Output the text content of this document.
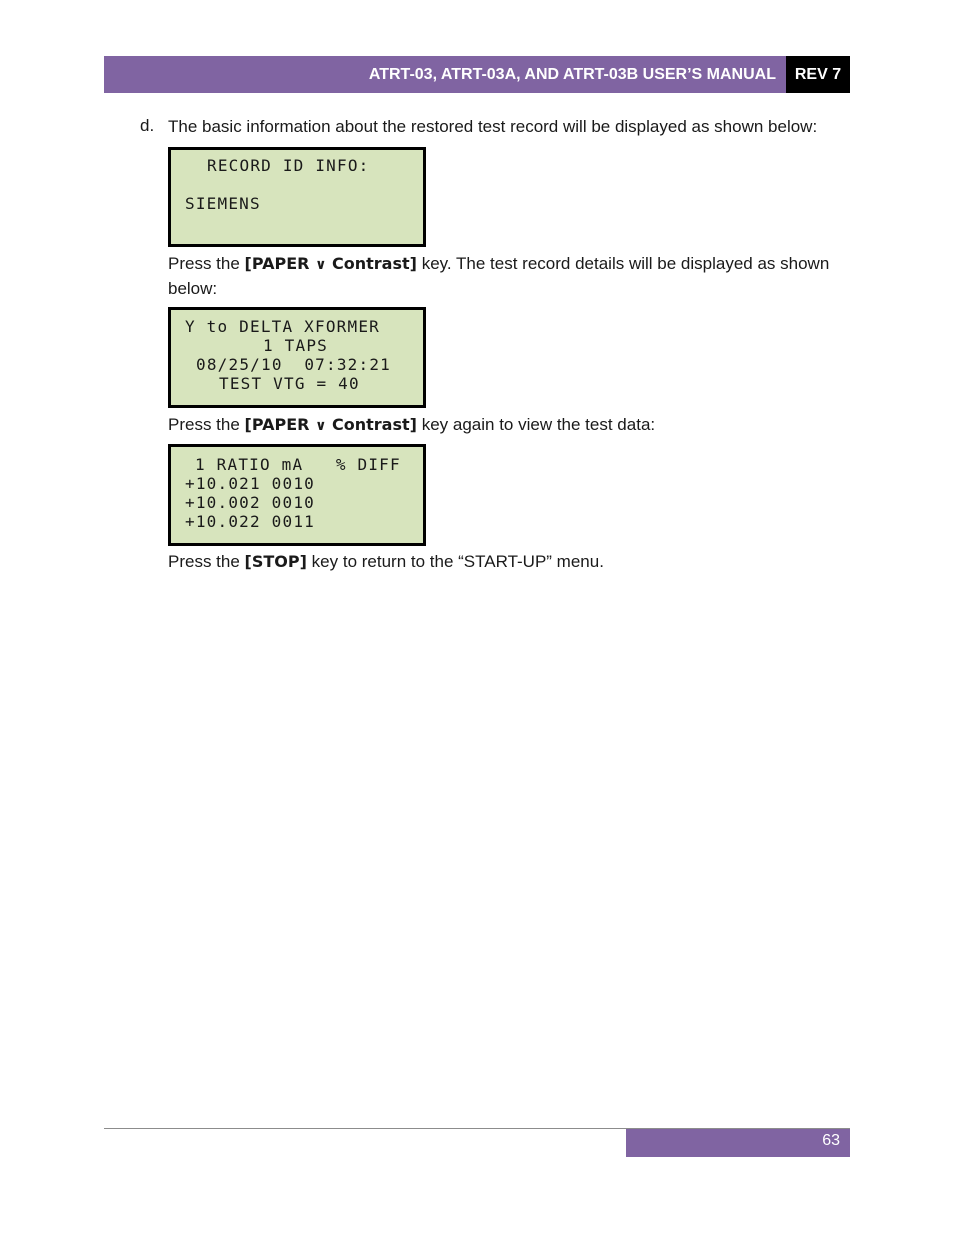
ATRT-03, ATRT-03A, AND ATRT-03B USER’S MANUAL	REV 7
d. The basic information about the restored test record will be displayed as shown below:
RECORD ID INFO:
SIEMENS
Press the [PAPER ∨ Contrast] key. The test record details will be displayed as shown below:
Y to DELTA XFORMER
1 TAPS
08/25/10  07:32:21
TEST VTG = 40
Press the [PAPER ∨ Contrast] key again to view the test data:
1 RATIO mA   % DIFF
+10.021 0010
+10.002 0010
+10.022 0011
Press the [STOP] key to return to the “START-UP” menu.
63
